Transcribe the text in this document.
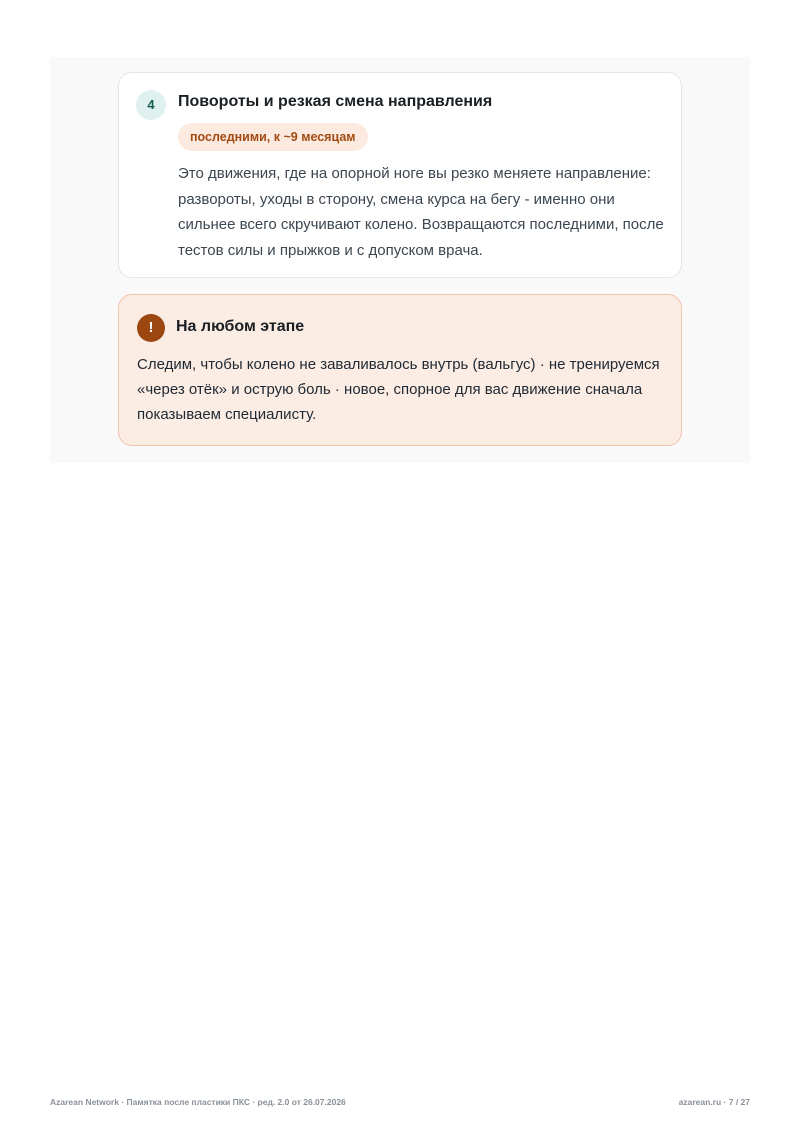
4	Повороты и резкая смена направления
последними, к ~9 месяцам
Это движения, где на опорной ноге вы резко меняете направление: развороты, уходы в сторону, смена курса на бегу - именно они сильнее всего скручивают колено. Возвращаются последними, после тестов силы и прыжков и с допуском врача.
!	На любом этапе
Следим, чтобы колено не заваливалось внутрь (вальгус) · не тренируемся «через отёк» и острую боль · новое, спорное для вас движение сначала показываем специалисту.
Azarean Network · Памятка после пластики ПКС · ред. 2.0 от 26.07.2026	azarean.ru · 7 / 27
